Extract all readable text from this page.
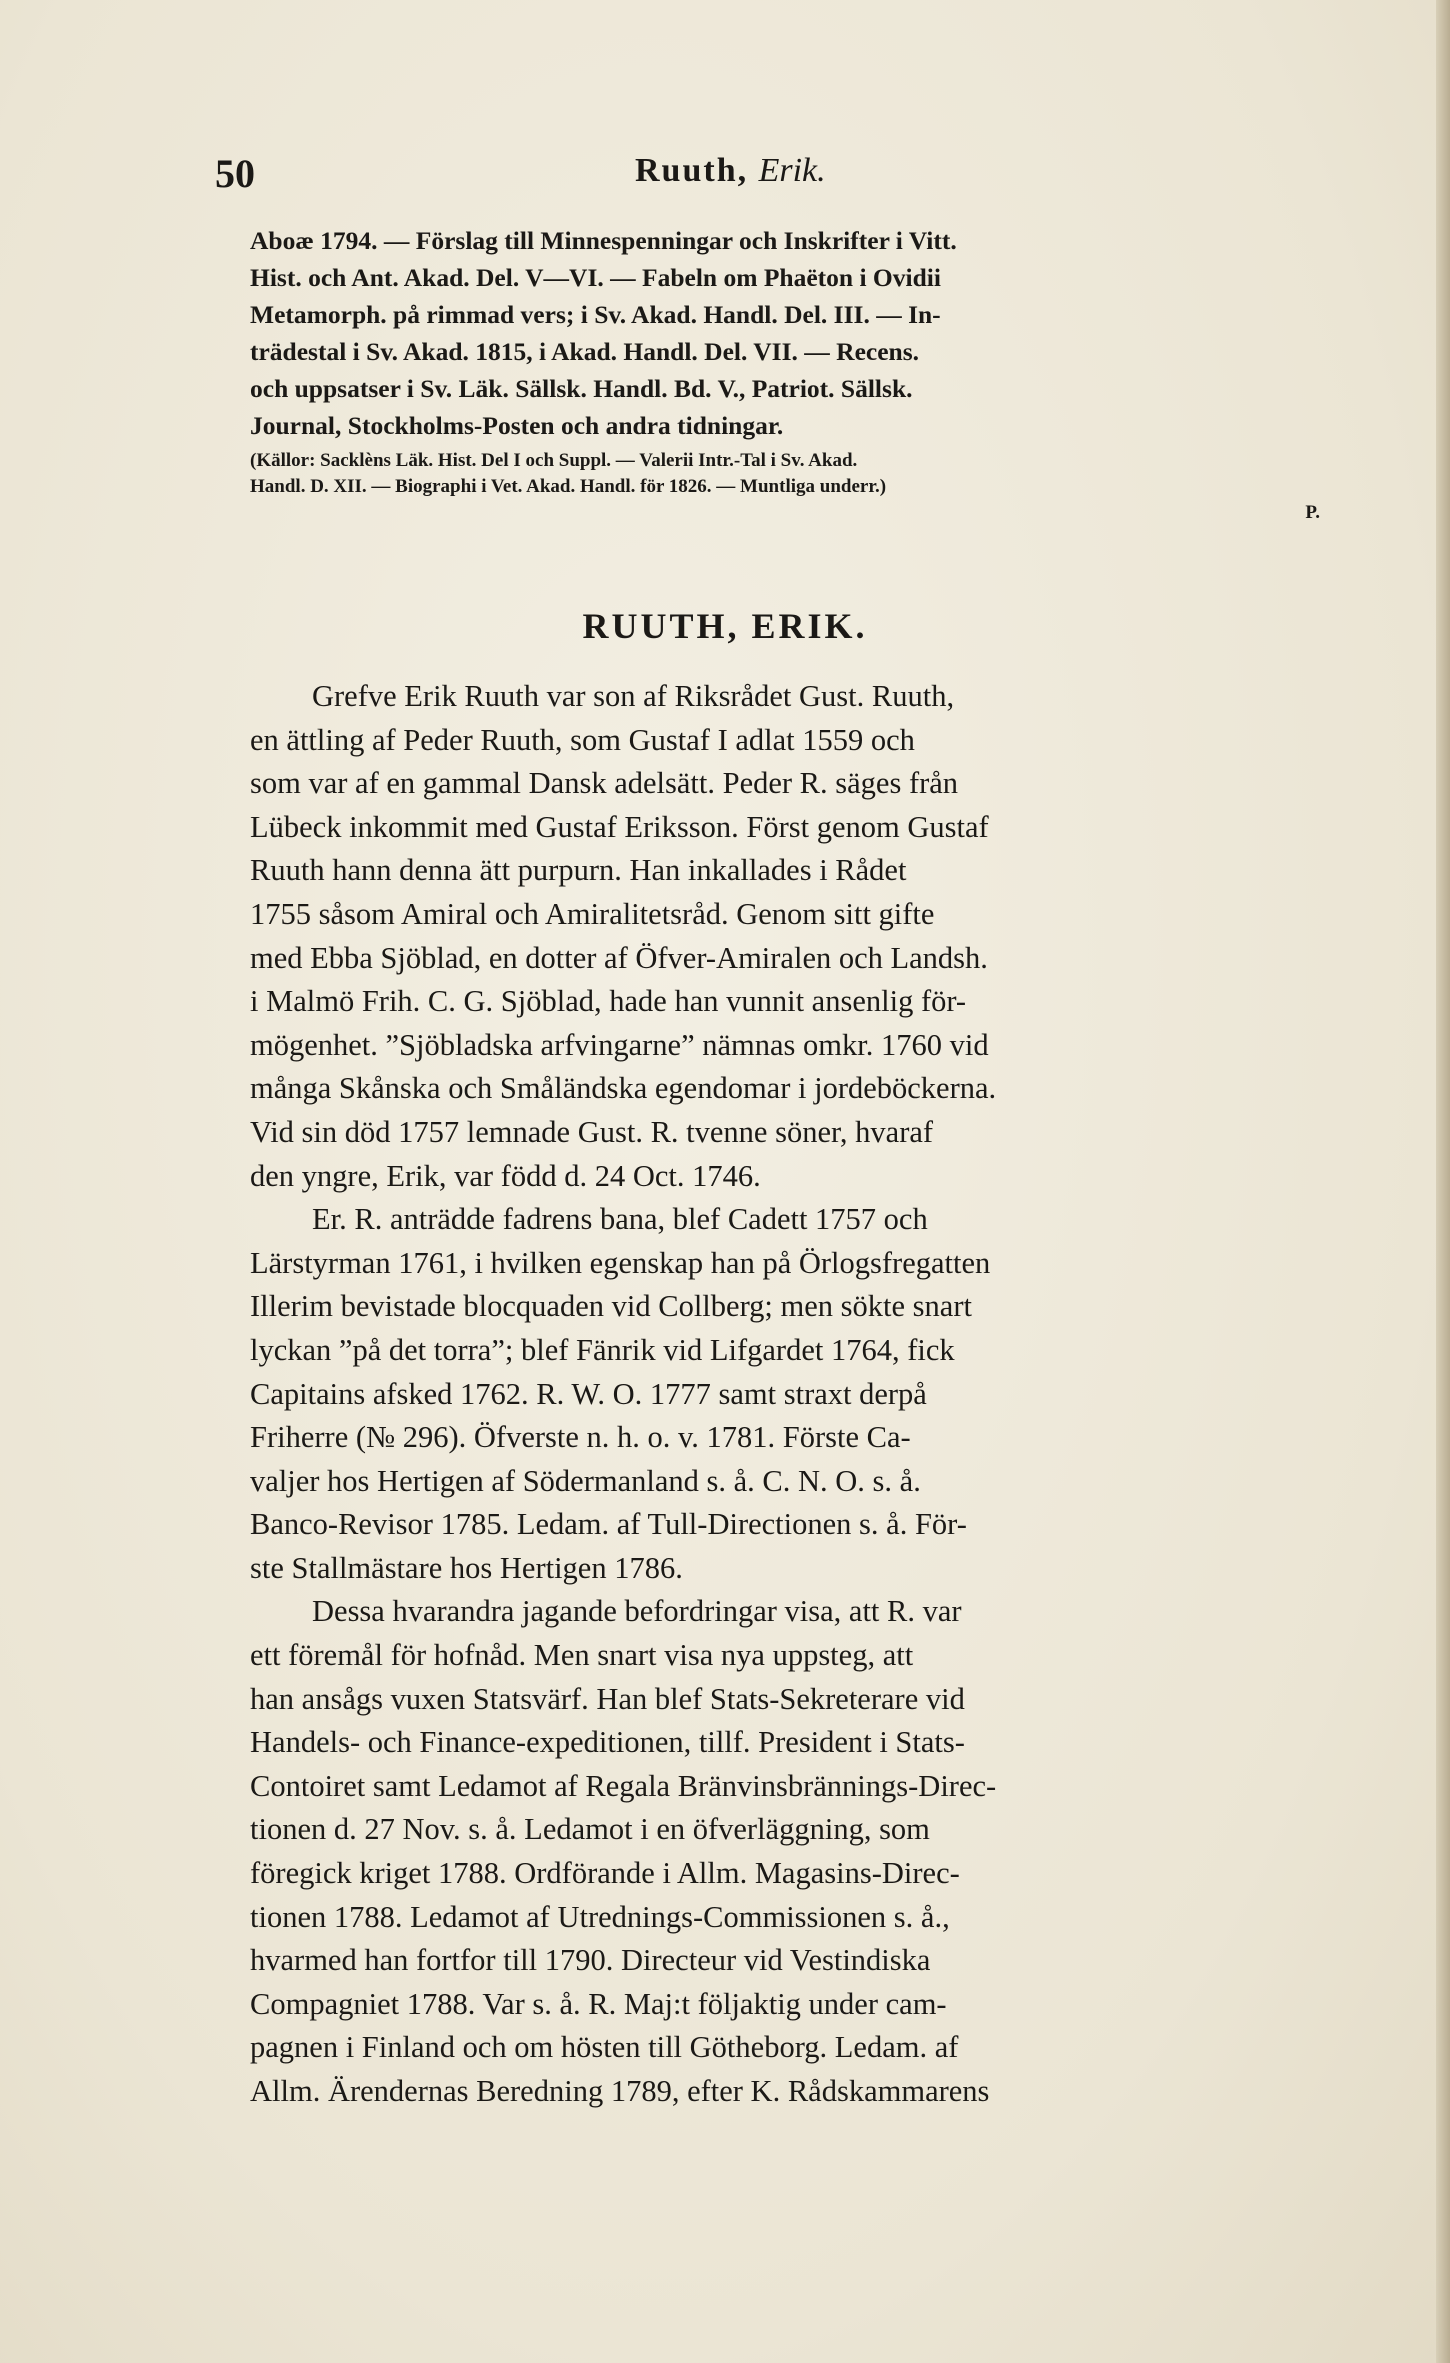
50	Ruuth, Erik.
Aboæ 1794. — Förslag till Minnespenningar och Inskrifter i Vitt.
Hist. och Ant. Akad. Del. V—VI. — Fabeln om Phaëton i Ovidii
Metamorph. på rimmad vers; i Sv. Akad. Handl. Del. III. — In-
trädestal i Sv. Akad. 1815, i Akad. Handl. Del. VII. — Recens.
och uppsatser i Sv. Läk. Sällsk. Handl. Bd. V., Patriot. Sällsk.
Journal, Stockholms-Posten och andra tidningar.
(Källor: Sacklèns Läk. Hist. Del I och Suppl. — Valerii Intr.-Tal i Sv. Akad.
Handl. D. XII. — Biographi i Vet. Akad. Handl. för 1826. — Muntliga underr.)
P.
RUUTH, ERIK.
Grefve Erik Ruuth var son af Riksrådet Gust. Ruuth,
en ättling af Peder Ruuth, som Gustaf I adlat 1559 och
som var af en gammal Dansk adelsätt. Peder R. säges från
Lübeck inkommit med Gustaf Eriksson. Först genom Gustaf
Ruuth hann denna ätt purpurn. Han inkallades i Rådet
1755 såsom Amiral och Amiralitetsråd. Genom sitt gifte
med Ebba Sjöblad, en dotter af Öfver-Amiralen och Landsh.
i Malmö Frih. C. G. Sjöblad, hade han vunnit ansenlig för-
mögenhet. ”Sjöbladska arfvingarne” nämnas omkr. 1760 vid
många Skånska och Småländska egendomar i jordeböckerna.
Vid sin död 1757 lemnade Gust. R. tvenne söner, hvaraf
den yngre, Erik, var född d. 24 Oct. 1746.
Er. R. anträdde fadrens bana, blef Cadett 1757 och
Lärstyrman 1761, i hvilken egenskap han på Örlogsfregatten
Illerim bevistade blocquaden vid Collberg; men sökte snart
lyckan ”på det torra”; blef Fänrik vid Lifgardet 1764, fick
Capitains afsked 1762. R. W. O. 1777 samt straxt derpå
Friherre (№ 296). Öfverste n. h. o. v. 1781. Förste Ca-
valjer hos Hertigen af Södermanland s. å. C. N. O. s. å.
Banco-Revisor 1785. Ledam. af Tull-Directionen s. å. För-
ste Stallmästare hos Hertigen 1786.
Dessa hvarandra jagande befordringar visa, att R. var
ett föremål för hofnåd. Men snart visa nya uppsteg, att
han ansågs vuxen Statsvärf. Han blef Stats-Sekreterare vid
Handels- och Finance-expeditionen, tillf. President i Stats-
Contoiret samt Ledamot af Regala Bränvinsbrännings-Direc-
tionen d. 27 Nov. s. å. Ledamot i en öfverläggning, som
föregick kriget 1788. Ordförande i Allm. Magasins-Direc-
tionen 1788. Ledamot af Utrednings-Commissionen s. å.,
hvarmed han fortfor till 1790. Directeur vid Vestindiska
Compagniet 1788. Var s. å. R. Maj:t följaktig under cam-
pagnen i Finland och om hösten till Götheborg. Ledam. af
Allm. Ärendernas Beredning 1789, efter K. Rådskammarens
